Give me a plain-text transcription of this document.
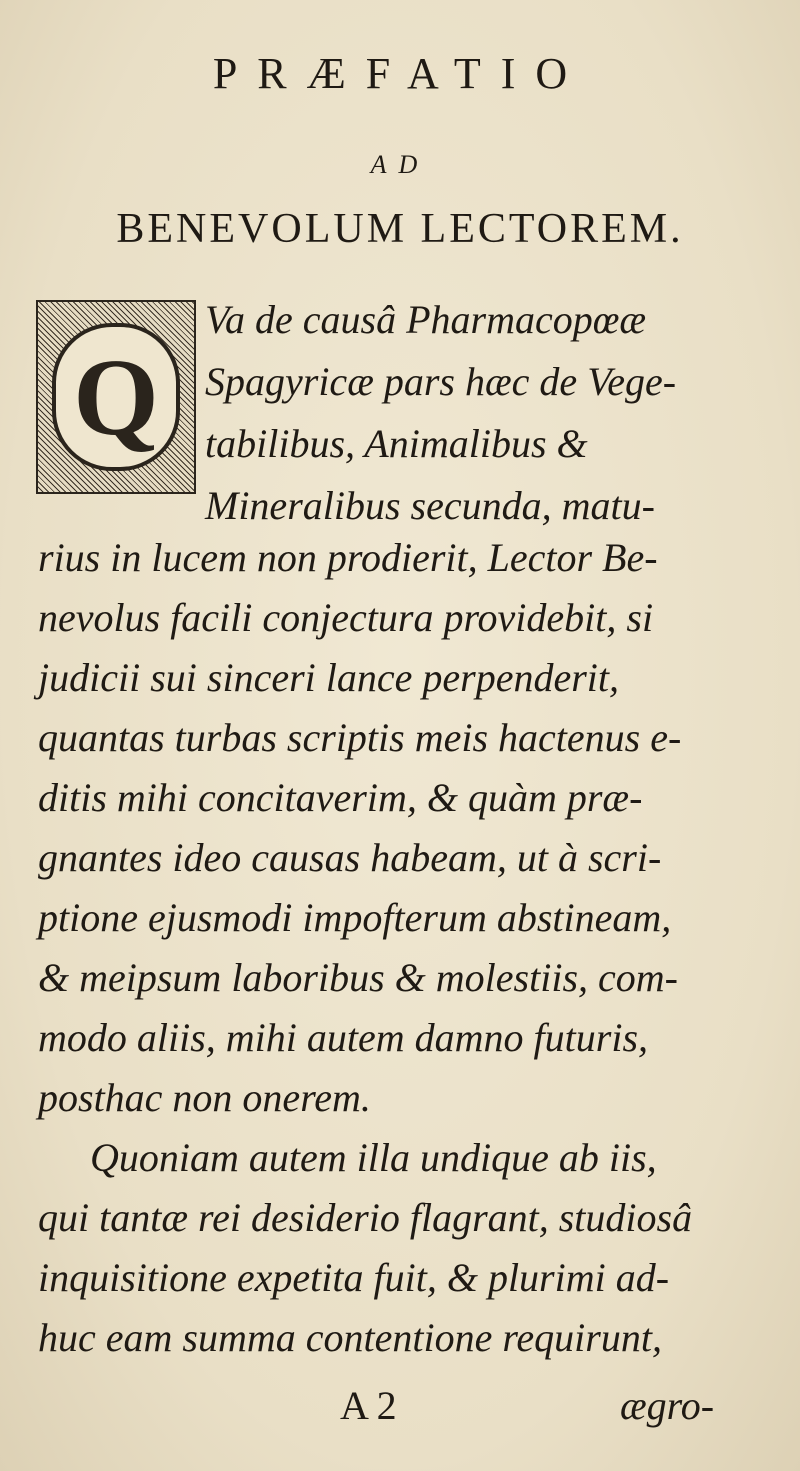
PRÆFATIO
AD
BENEVOLUM LECTOREM.
Q
Va de causâ Pharmacopœæ
Spagyricæ pars hæc de Vege-
tabilibus, Animalibus &
Mineralibus secunda, matu-
rius in lucem non prodierit, Lector Be-
nevolus facili conjectura providebit, si
judicii sui sinceri lance perpenderit,
quantas turbas scriptis meis hactenus e-
ditis mihi concitaverim, & quàm præ-
gnantes ideo causas habeam, ut à scri-
ptione ejusmodi impofterum abstineam,
& meipsum laboribus & molestiis, com-
modo aliis, mihi autem damno futuris,
posthac non onerem.
Quoniam autem illa undique ab iis,
qui tantæ rei desiderio flagrant, studiosâ
inquisitione expetita fuit, & plurimi ad-
huc eam summa contentione requirunt,
A 2	ægro-
